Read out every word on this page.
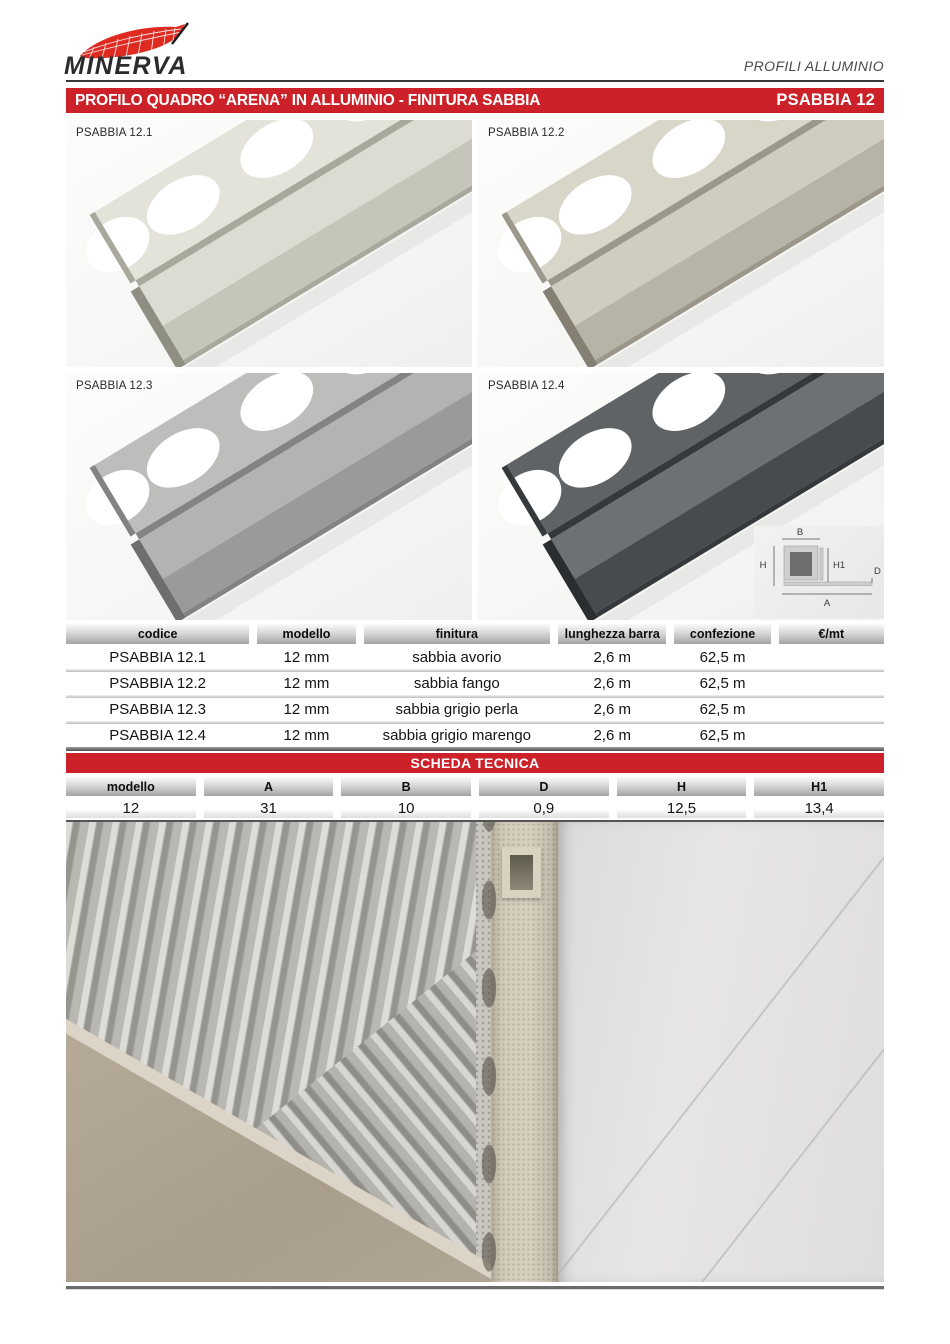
MINERVA	PROFILI ALLUMINIO
PROFILO QUADRO “ARENA” IN ALLUMINIO - FINITURA SABBIA	PSABBIA 12
PSABBIA 12.1	PSABBIA 12.2
PSABBIA 12.3	PSABBIA 12.4
B
H	H1
D
A
codice	modello	finitura	lunghezza barra	confezione	€/mt
PSABBIA 12.1	12 mm	sabbia avorio	2,6 m	62,5 m
PSABBIA 12.2	12 mm	sabbia fango	2,6 m	62,5 m
PSABBIA 12.3	12 mm	sabbia grigio perla	2,6 m	62,5 m
PSABBIA 12.4	12 mm	sabbia grigio marengo	2,6 m	62,5 m
SCHEDA TECNICA
modello	A	B	D	H	H1
12	31	10	0,9	12,5	13,4
